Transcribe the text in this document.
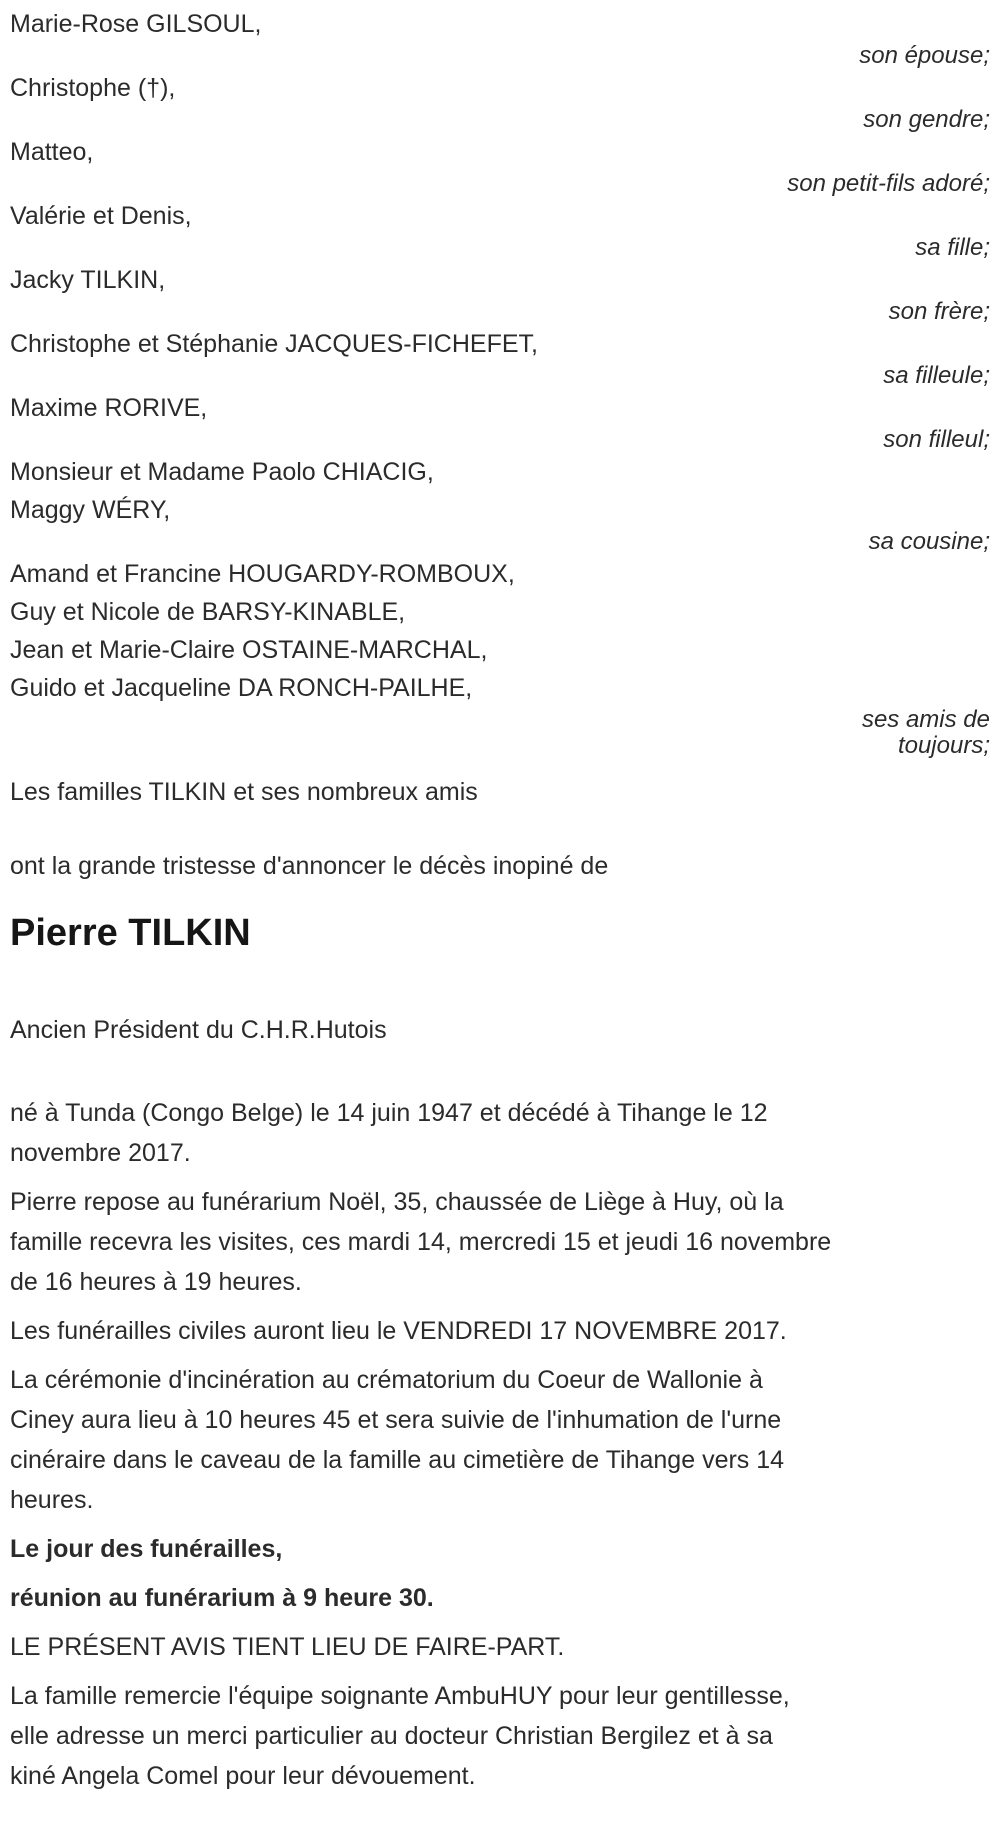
Marie-Rose GILSOUL,
son épouse;
Christophe (†),
son gendre;
Matteo,
son petit-fils adoré;
Valérie et Denis,
sa fille;
Jacky TILKIN,
son frère;
Christophe et Stéphanie JACQUES-FICHEFET,
sa filleule;
Maxime RORIVE,
son filleul;
Monsieur et Madame Paolo CHIACIG,
Maggy WÉRY,
sa cousine;
Amand et Francine HOUGARDY-ROMBOUX,
Guy et Nicole de BARSY-KINABLE,
Jean et Marie-Claire OSTAINE-MARCHAL,
Guido et Jacqueline DA RONCH-PAILHE,
ses amis de
toujours;
Les familles TILKIN et ses nombreux amis
ont la grande tristesse d'annoncer le décès inopiné de
Pierre TILKIN
Ancien Président du C.H.R.Hutois
né à Tunda (Congo Belge) le 14 juin 1947 et décédé à Tihange le 12
novembre 2017.
Pierre repose au funérarium Noël, 35, chaussée de Liège à Huy, où la
famille recevra les visites, ces mardi 14, mercredi 15 et jeudi 16 novembre
de 16 heures à 19 heures.
Les funérailles civiles auront lieu le VENDREDI 17 NOVEMBRE 2017.
La cérémonie d'incinération au crématorium du Coeur de Wallonie à
Ciney aura lieu à 10 heures 45 et sera suivie de l'inhumation de l'urne
cinéraire dans le caveau de la famille au cimetière de Tihange vers 14
heures.
Le jour des funérailles,
réunion au funérarium à 9 heure 30.
LE PRÉSENT AVIS TIENT LIEU DE FAIRE-PART.
La famille remercie l'équipe soignante AmbuHUY pour leur gentillesse,
elle adresse un merci particulier au docteur Christian Bergilez et à sa
kiné Angela Comel pour leur dévouement.
